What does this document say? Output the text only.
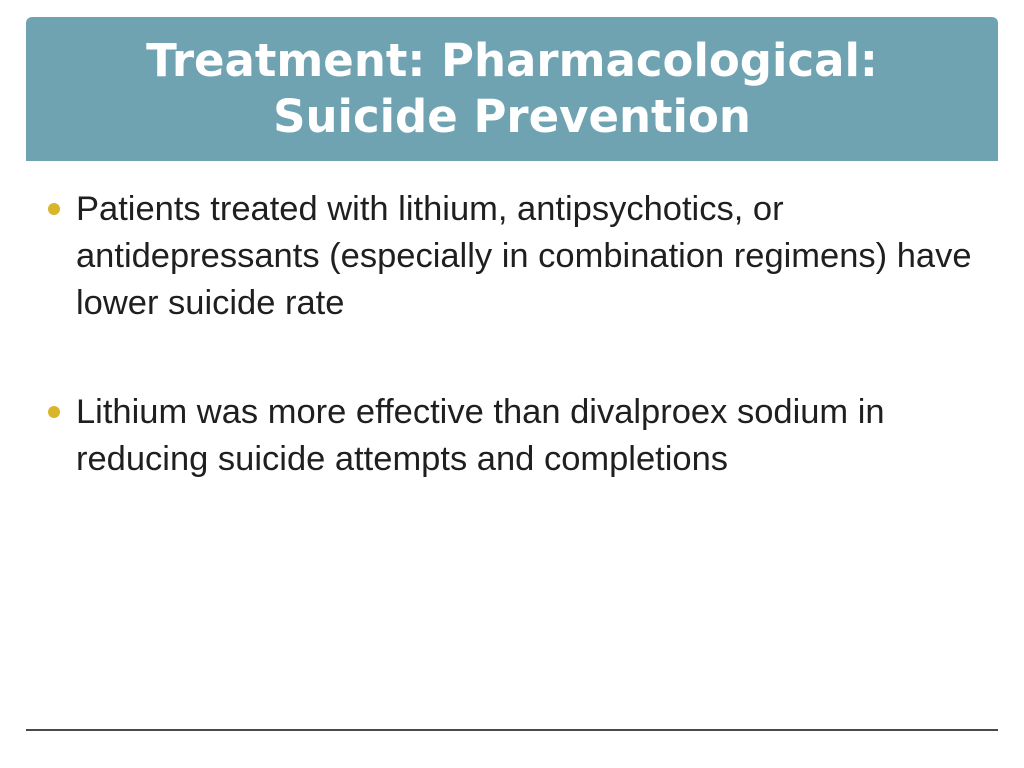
Treatment: Pharmacological:
Suicide Prevention
Patients treated with lithium, antipsychotics, or antidepressants (especially in combination regimens) have lower suicide rate
Lithium was more effective than divalproex sodium in reducing suicide attempts and completions
